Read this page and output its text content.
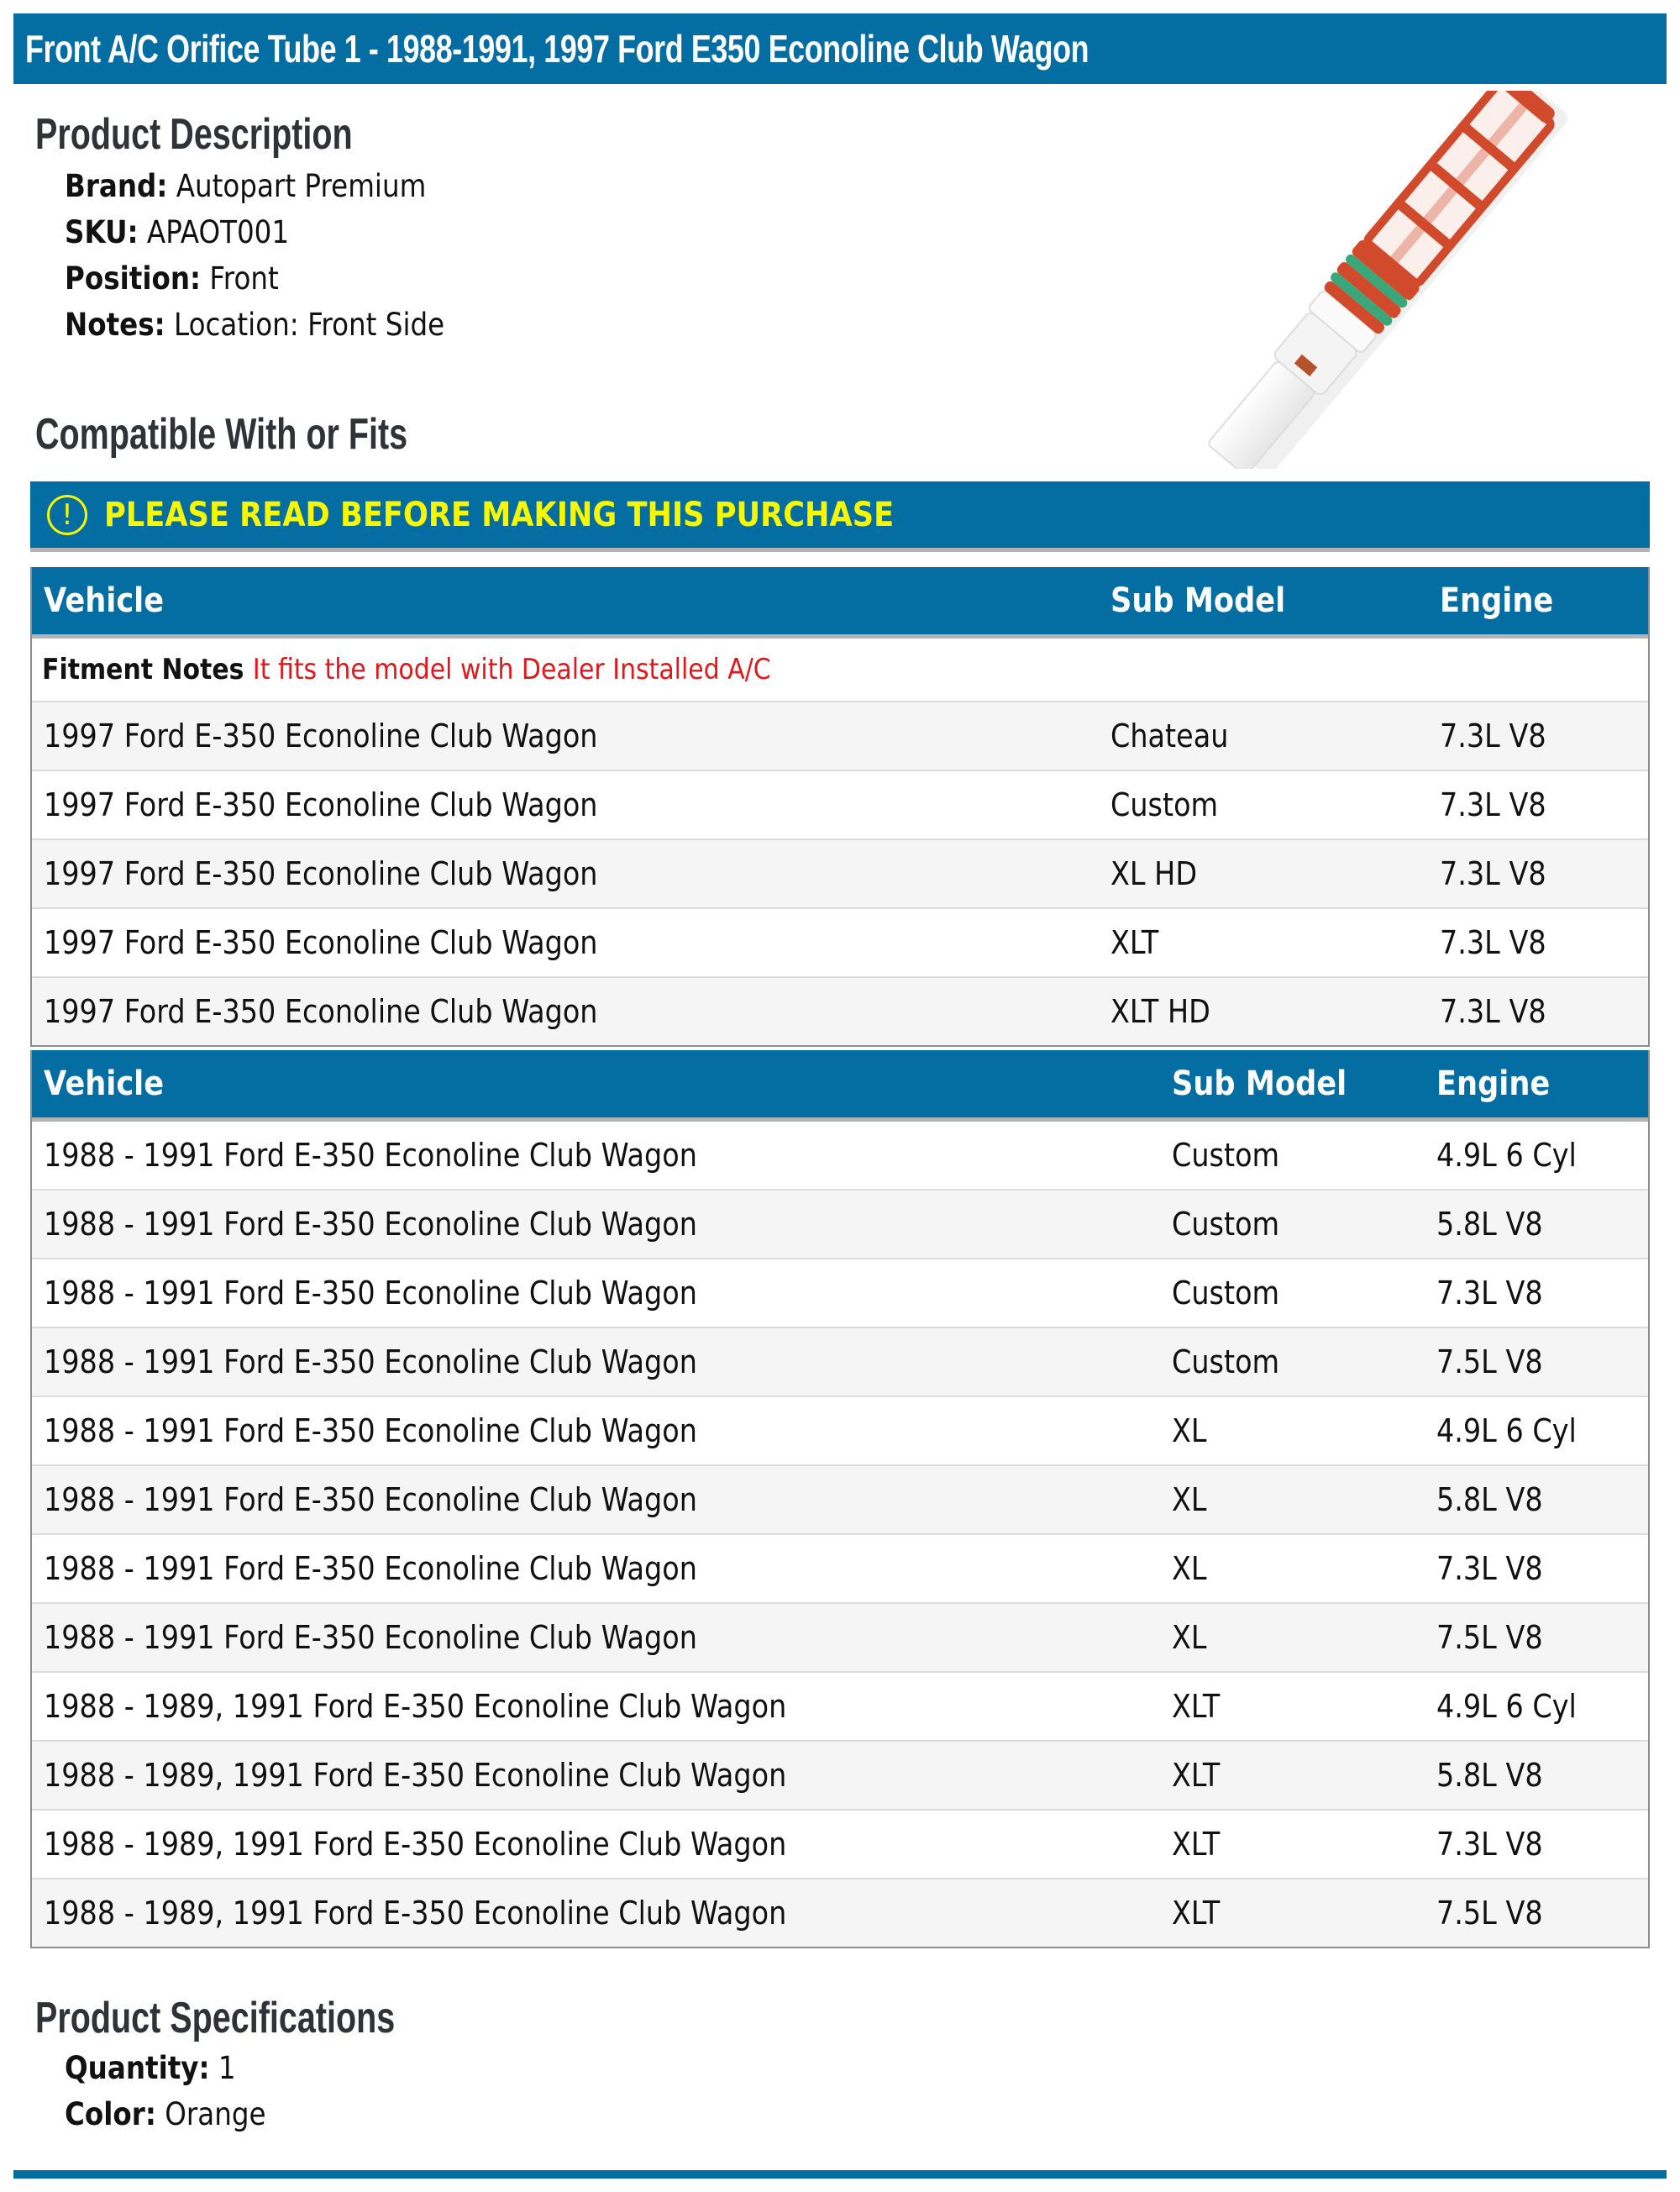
Front A/C Orifice Tube 1 - 1988-1991, 1997 Ford E350 Econoline Club Wagon
Product Description
Brand: Autopart Premium
SKU: APAOT001
Position: Front
Notes: Location: Front Side
Compatible With or Fits
! PLEASE READ BEFORE MAKING THIS PURCHASE
Vehicle	Sub Model	Engine
Fitment Notes It fits the model with Dealer Installed A/C
1997 Ford E-350 Econoline Club Wagon	Chateau	7.3L V8
1997 Ford E-350 Econoline Club Wagon	Custom	7.3L V8
1997 Ford E-350 Econoline Club Wagon	XL HD	7.3L V8
1997 Ford E-350 Econoline Club Wagon	XLT	7.3L V8
1997 Ford E-350 Econoline Club Wagon	XLT HD	7.3L V8
Vehicle	Sub Model	Engine
1988 - 1991 Ford E-350 Econoline Club Wagon	Custom	4.9L 6 Cyl
1988 - 1991 Ford E-350 Econoline Club Wagon	Custom	5.8L V8
1988 - 1991 Ford E-350 Econoline Club Wagon	Custom	7.3L V8
1988 - 1991 Ford E-350 Econoline Club Wagon	Custom	7.5L V8
1988 - 1991 Ford E-350 Econoline Club Wagon	XL	4.9L 6 Cyl
1988 - 1991 Ford E-350 Econoline Club Wagon	XL	5.8L V8
1988 - 1991 Ford E-350 Econoline Club Wagon	XL	7.3L V8
1988 - 1991 Ford E-350 Econoline Club Wagon	XL	7.5L V8
1988 - 1989, 1991 Ford E-350 Econoline Club Wagon	XLT	4.9L 6 Cyl
1988 - 1989, 1991 Ford E-350 Econoline Club Wagon	XLT	5.8L V8
1988 - 1989, 1991 Ford E-350 Econoline Club Wagon	XLT	7.3L V8
1988 - 1989, 1991 Ford E-350 Econoline Club Wagon	XLT	7.5L V8
Product Specifications
Quantity: 1
Color: Orange
